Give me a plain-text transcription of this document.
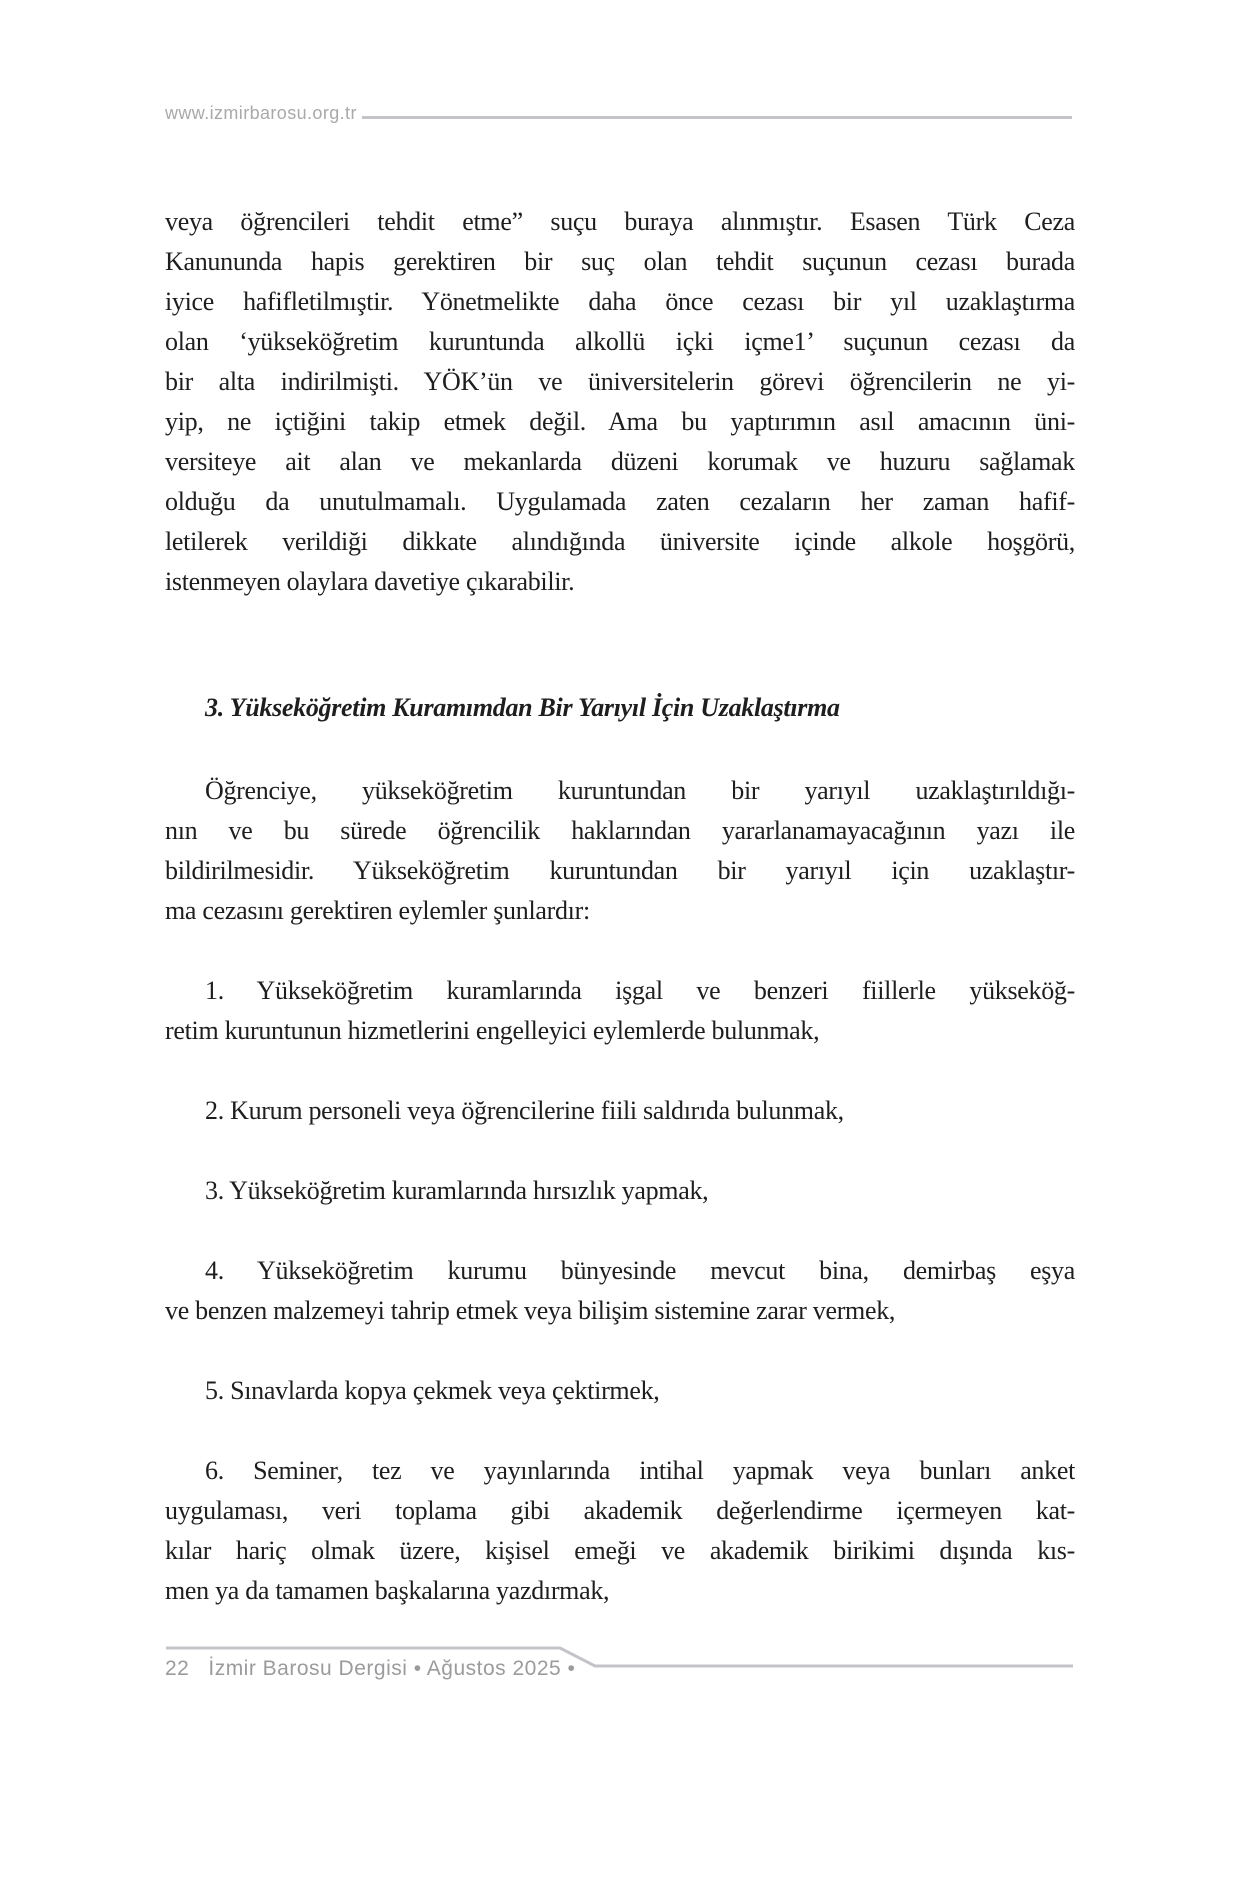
www.izmirbarosu.org.tr
veya öğrencileri tehdit etme” suçu buraya alınmıştır. Esasen Türk Ceza
Kanununda hapis gerektiren bir suç olan tehdit suçunun cezası burada
iyice hafifletilmıştir. Yönetmelikte daha önce cezası bir yıl uzaklaştırma
olan ‘yükseköğretim kuruntunda alkollü içki içme1’ suçunun cezası da
bir alta indirilmişti. YÖK’ün ve üniversitelerin görevi öğrencilerin ne yi-
yip, ne içtiğini takip etmek değil. Ama bu yaptırımın asıl amacının üni-
versiteye ait alan ve mekanlarda düzeni korumak ve huzuru sağlamak
olduğu da unutulmamalı. Uygulamada zaten cezaların her zaman hafif-
letilerek verildiği dikkate alındığında üniversite içinde alkole hoşgörü,
istenmeyen olaylara davetiye çıkarabilir.
3. Yükseköğretim Kuramımdan Bir Yarıyıl İçin Uzaklaştırma
Öğrenciye, yükseköğretim kuruntundan bir yarıyıl uzaklaştırıldığı-
nın ve bu sürede öğrencilik haklarından yararlanamayacağının yazı ile
bildirilmesidir. Yükseköğretim kuruntundan bir yarıyıl için uzaklaştır-
ma cezasını gerektiren eylemler şunlardır:
1. Yükseköğretim kuramlarında işgal ve benzeri fiillerle yükseköğ-
retim kuruntunun hizmetlerini engelleyici eylemlerde bulunmak,
2. Kurum personeli veya öğrencilerine fiili saldırıda bulunmak,
3. Yükseköğretim kuramlarında hırsızlık yapmak,
4. Yükseköğretim kurumu bünyesinde mevcut bina, demirbaş eşya
ve benzen malzemeyi tahrip etmek veya bilişim sistemine zarar vermek,
5. Sınavlarda kopya çekmek veya çektirmek,
6. Seminer, tez ve yayınlarında intihal yapmak veya bunları anket
uygulaması, veri toplama gibi akademik değerlendirme içermeyen kat-
kılar hariç olmak üzere, kişisel emeği ve akademik birikimi dışında kıs-
men ya da tamamen başkalarına yazdırmak,
22 İzmir Barosu Dergisi • Ağustos 2025 •
